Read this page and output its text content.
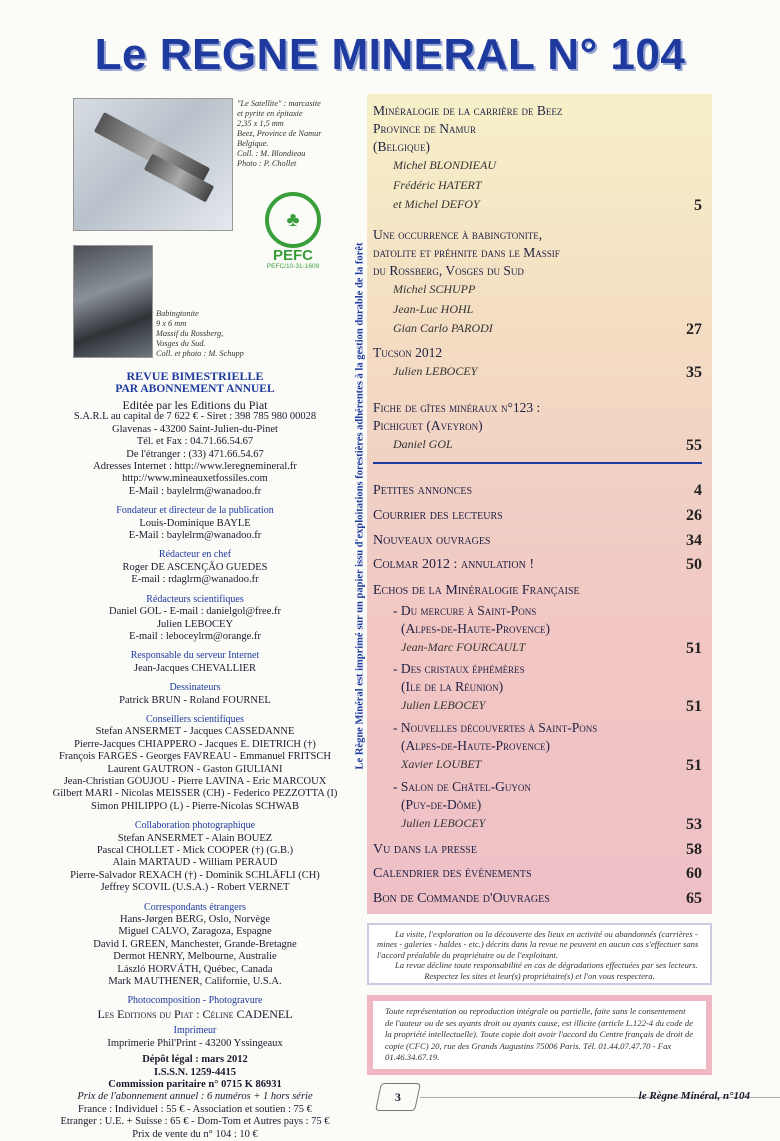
Le REGNE MINERAL N° 104
"Le Satellite" : marcasite
et pyrite en épitaxie
2,35 x 1,5 mm
Beez, Province de Namur
Belgique.
Coll. : M. Blondieau
Photo : P. Chollet
Babingtonite
9 x 6 mm
Massif du Rossberg,
Vosges du Sud.
Coll. et photo : M. Schupp
♣
PEFC
PEFC/10-31-1609
REVUE BIMESTRIELLE
PAR ABONNEMENT ANNUEL
Editée par les Editions du Piat
S.A.R.L au capital de 7 622 € - Siret : 398 785 980 00028
Glavenas - 43200 Saint-Julien-du-Pinet
Tél. et Fax : 04.71.66.54.67
De l'étranger : (33) 471.66.54.67
Adresses Internet : http://www.leregnemineral.fr
http://www.mineauxetfossiles.com
E-Mail : baylelrm@wanadoo.fr
Fondateur et directeur de la publication
Louis-Dominique BAYLE
E-Mail : baylelrm@wanadoo.fr
Rédacteur en chef
Roger DE ASCENÇÃO GUEDES
E-mail : rdaglrm@wanadoo.fr
Rédacteurs scientifiques
Daniel GOL - E-mail : danielgol@free.fr
Julien LEBOCEY
E-mail : leboceylrm@orange.fr
Responsable du serveur Internet
Jean-Jacques CHEVALLIER
Dessinateurs
Patrick BRUN - Roland FOURNEL
Conseillers scientifiques
Stefan ANSERMET - Jacques CASSEDANNE
Pierre-Jacques CHIAPPERO - Jacques E. DIETRICH (†)
François FARGES - Georges FAVREAU - Emmanuel FRITSCH
Laurent GAUTRON - Gaston GIULIANI
Jean-Christian GOUJOU - Pierre LAVINA - Eric MARCOUX
Gilbert MARI - Nicolas MEISSER (CH) - Federico PEZZOTTA (I)
Simon PHILIPPO (L) - Pierre-Nicolas SCHWAB
Collaboration photographique
Stefan ANSERMET - Alain BOUEZ
Pascal CHOLLET - Mick COOPER (†) (G.B.)
Alain MARTAUD - William PERAUD
Pierre-Salvador REXACH (†) - Dominik SCHLÄFLI (CH)
Jeffrey SCOVIL (U.S.A.) - Robert VERNET
Correspondants étrangers
Hans-Jørgen BERG, Oslo, Norvège
Miguel CALVO, Zaragoza, Espagne
David I. GREEN, Manchester, Grande-Bretagne
Dermot HENRY, Melbourne, Australie
László HORVÁTH, Québec, Canada
Mark MAUTHENER, Californie, U.S.A.
Photocomposition - Photogravure
Les Editions du Piat : Céline CADENEL
Imprimeur
Imprimerie Phil'Print - 43200 Yssingeaux
Dépôt légal : mars 2012
I.S.S.N. 1259-4415
Commission paritaire n° 0715 K 86931
Prix de l'abonnement annuel : 6 numéros + 1 hors série
France : Individuel : 55 € - Association et soutien : 75 €
Etranger : U.E. + Suisse : 65 € - Dom-Tom et Autres pays : 75 €
Prix de vente du n° 104 : 10 €
Le Règne Minéral est imprimé sur un papier issu d'exploitations forestières adhérentes à la gestion durable de la forêt
Minéralogie de la carrière de Beez
Province de Namur
(Belgique)
Michel BLONDIEAU
Frédéric HATERT
et Michel DEFOY	5
Une occurrence à babingtonite,
datolite et préhnite dans le Massif
du Rossberg, Vosges du Sud
Michel SCHUPP
Jean-Luc HOHL
Gian Carlo PARODI	27
Tucson 2012
Julien LEBOCEY	35
Fiche de gîtes minéraux n°123 :
Pichiguet (Aveyron)
Daniel GOL	55
Petites annonces	4
Courrier des lecteurs	26
Nouveaux ouvrages	34
Colmar 2012 : annulation !	50
Echos de la Minéralogie Française
- Du mercure à Saint-Pons
(Alpes-de-Haute-Provence)
Jean-Marc FOURCAULT	51
- Des cristaux éphémères
(Ile de la Réunion)
Julien LEBOCEY	51
- Nouvelles découvertes à Saint-Pons
(Alpes-de-Haute-Provence)
Xavier LOUBET	51
- Salon de Châtel-Guyon
(Puy-de-Dôme)
Julien LEBOCEY	53
Vu dans la presse	58
Calendrier des évènements	60
Bon de Commande d'Ouvrages	65

La visite, l'exploration ou la découverte des lieux en activité ou abandonnés (carrières - mines - galeries - haldes - etc.) décrits dans la revue ne peuvent en aucun cas s'effectuer sans l'accord préalable du propriétaire ou de l'exploitant.

La revue décline toute responsabilité en cas de dégradations effectuées par ses lecteurs.

Respectez les sites et leur(s) propriétaire(s) et l'on vous respectera.

Toute représentation ou reproduction intégrale ou partielle, faite sans le consentement de l'auteur ou de ses ayants droit ou ayants cause, est illicite (article L.122-4 du code de la propriété intellectuelle). Toute copie doit avoir l'accord du Centre français de droit de copie (CFC) 20, rue des Grands Augustins 75006 Paris. Tél. 01.44.07.47.70 - Fax 01.46.34.67.19.
3	le Règne Minéral, n°104
